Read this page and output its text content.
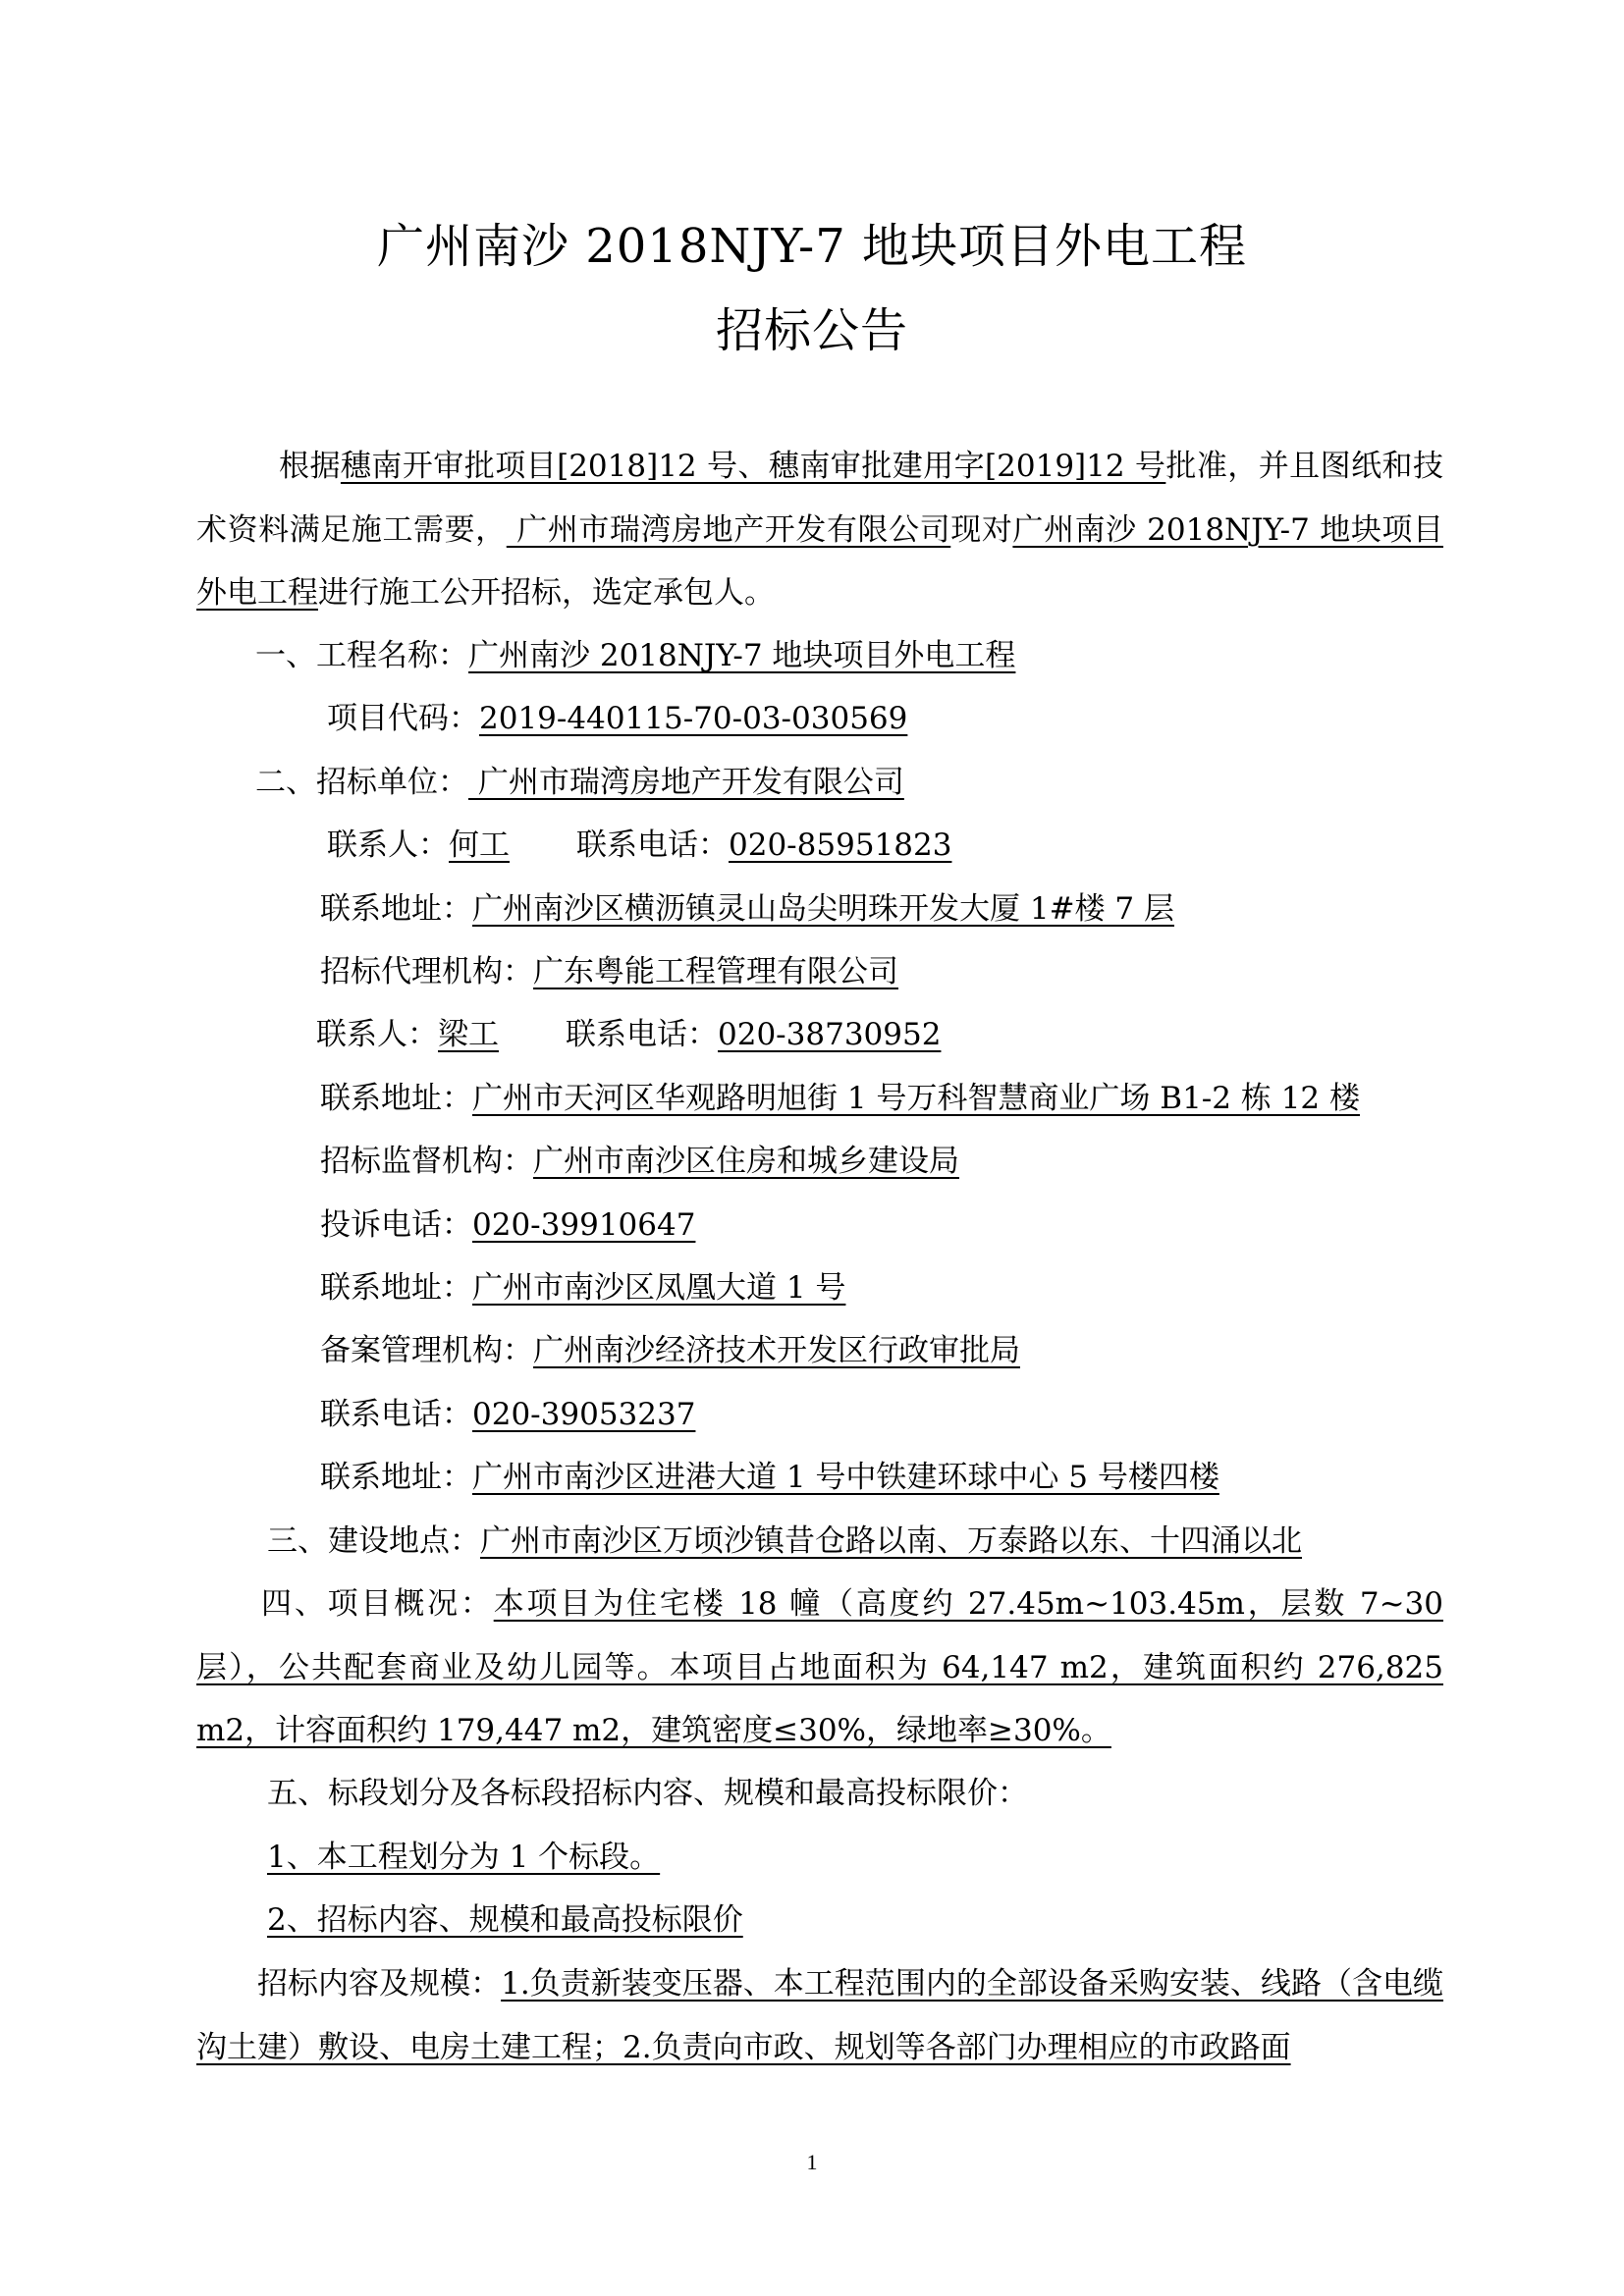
广州南沙 2018NJY-7 地块项目外电工程
招标公告
根据穗南开审批项目[2018]12 号、穗南审批建用字[2019]12 号批准，并且图纸和技术资料满足施工需要， 广州市瑞湾房地产开发有限公司现对广州南沙 2018NJY-7 地块项目外电工程进行施工公开招标，选定承包人。
一、工程名称：广州南沙 2018NJY-7 地块项目外电工程
项目代码：2019-440115-70-03-030569
二、招标单位： 广州市瑞湾房地产开发有限公司
联系人：何工 联系电话：020-85951823
联系地址：广州南沙区横沥镇灵山岛尖明珠开发大厦 1#楼 7 层
招标代理机构：广东粤能工程管理有限公司
联系人：梁工 联系电话：020-38730952
联系地址：广州市天河区华观路明旭街 1 号万科智慧商业广场 B1-2 栋 12 楼
招标监督机构：广州市南沙区住房和城乡建设局
投诉电话：020-39910647
联系地址：广州市南沙区凤凰大道 1 号
备案管理机构：广州南沙经济技术开发区行政审批局
联系电话：020-39053237
联系地址：广州市南沙区进港大道 1 号中铁建环球中心 5 号楼四楼
三、建设地点：广州市南沙区万顷沙镇昔仓路以南、万泰路以东、十四涌以北
四、项目概况：本项目为住宅楼 18 幢（高度约 27.45m~103.45m，层数 7~30 层），公共配套商业及幼儿园等。本项目占地面积为 64,147 m2，建筑面积约 276,825 m2，计容面积约 179,447 m2，建筑密度≤30%，绿地率≥30%。
五、标段划分及各标段招标内容、规模和最高投标限价：
1、本工程划分为 1 个标段。
2、招标内容、规模和最高投标限价
招标内容及规模：1.负责新装变压器、本工程范围内的全部设备采购安装、线路（含电缆沟土建）敷设、电房土建工程；2.负责向市政、规划等各部门办理相应的市政路面
1
